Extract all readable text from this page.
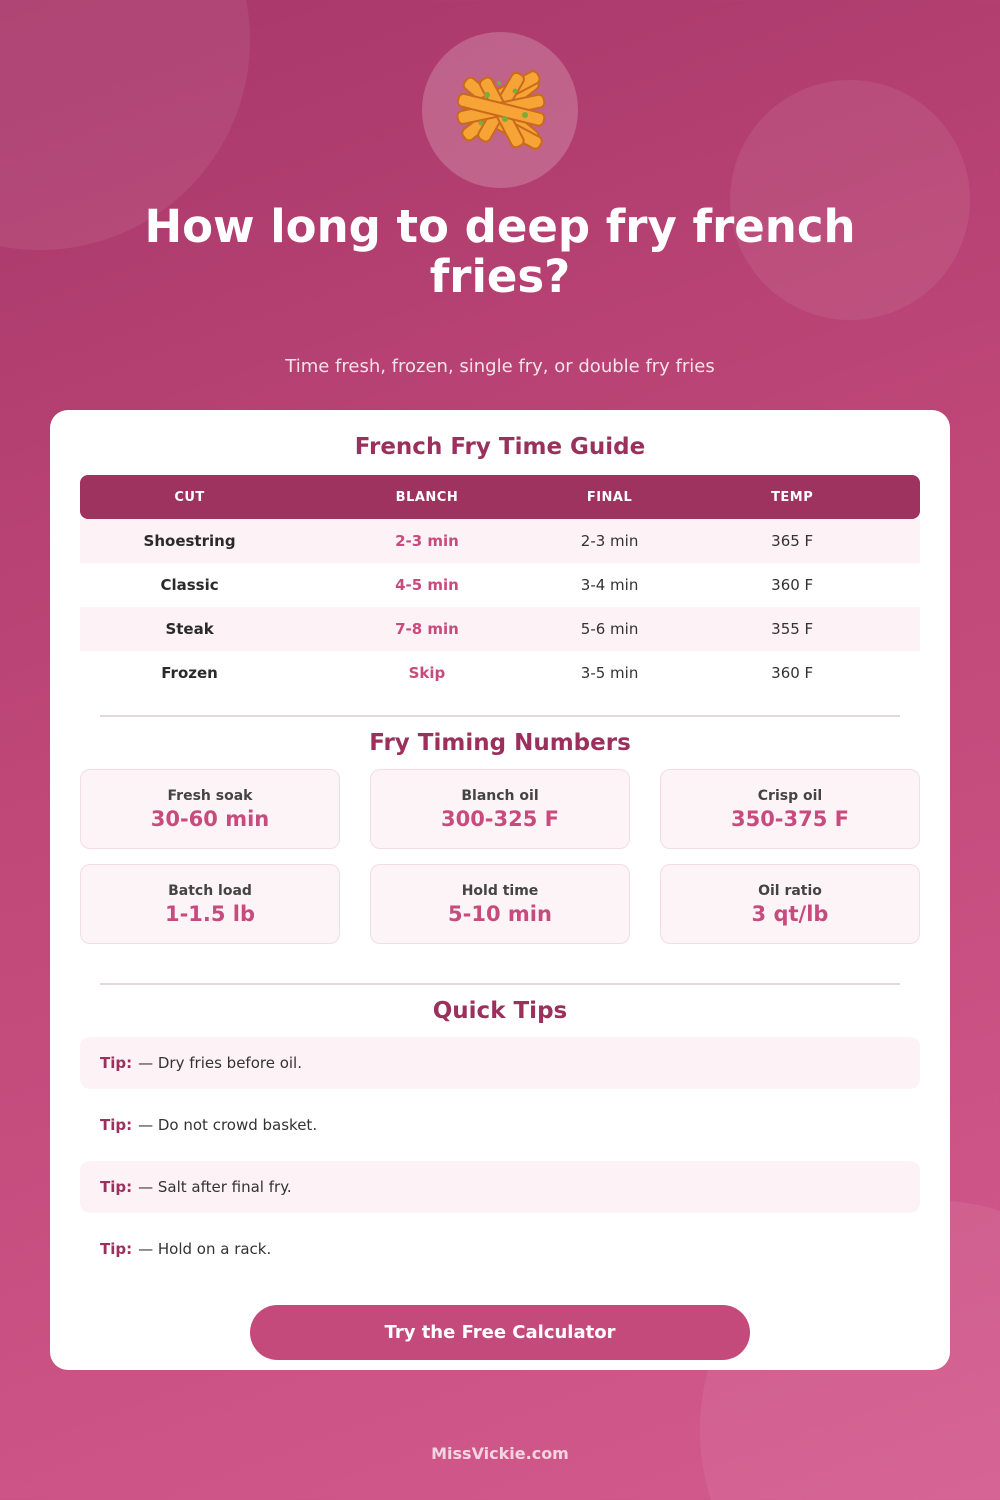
How long to deep fry french fries?

Time fresh, frozen, single fry, or double fry fries

French Fry Time Guide
CUT	BLANCH	FINAL	TEMP
Shoestring	2-3 min	2-3 min	365 F
Classic	4-5 min	3-4 min	360 F
Steak	7-8 min	5-6 min	355 F
Frozen	Skip	3-5 min	360 F
Fry Timing Numbers
Fresh soak
30-60 min
Blanch oil
300-325 F
Crisp oil
350-375 F
Batch load
1-1.5 lb
Hold time
5-10 min
Oil ratio
3 qt/lb
Quick Tips
Tip: — Dry fries before oil.
Tip: — Do not crowd basket.
Tip: — Salt after final fry.
Tip: — Hold on a rack.
Try the Free Calculator
MissVickie.com
